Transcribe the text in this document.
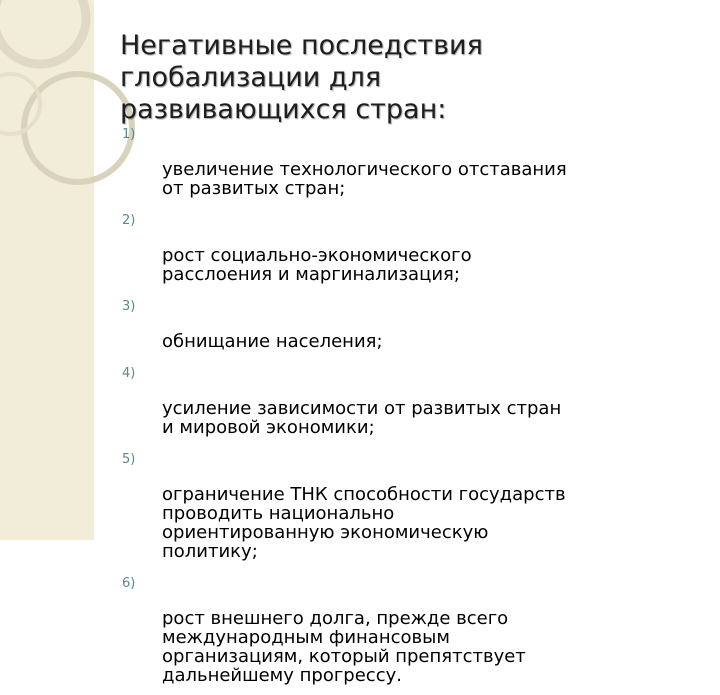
Негативные последствия
глобализации для
развивающихся стран:

1)

увеличение технологического отставания
от развитых стран;

2)

рост социально-экономического
расслоения и маргинализация;

3)

обнищание населения;

4)

усиление зависимости от развитых стран
и мировой экономики;

5)

ограничение ТНК способности государств
проводить национально
ориентированную экономическую
политику;

6)

рост внешнего долга, прежде всего
международным финансовым
организациям, который препятствует
дальнейшему прогрессу.
